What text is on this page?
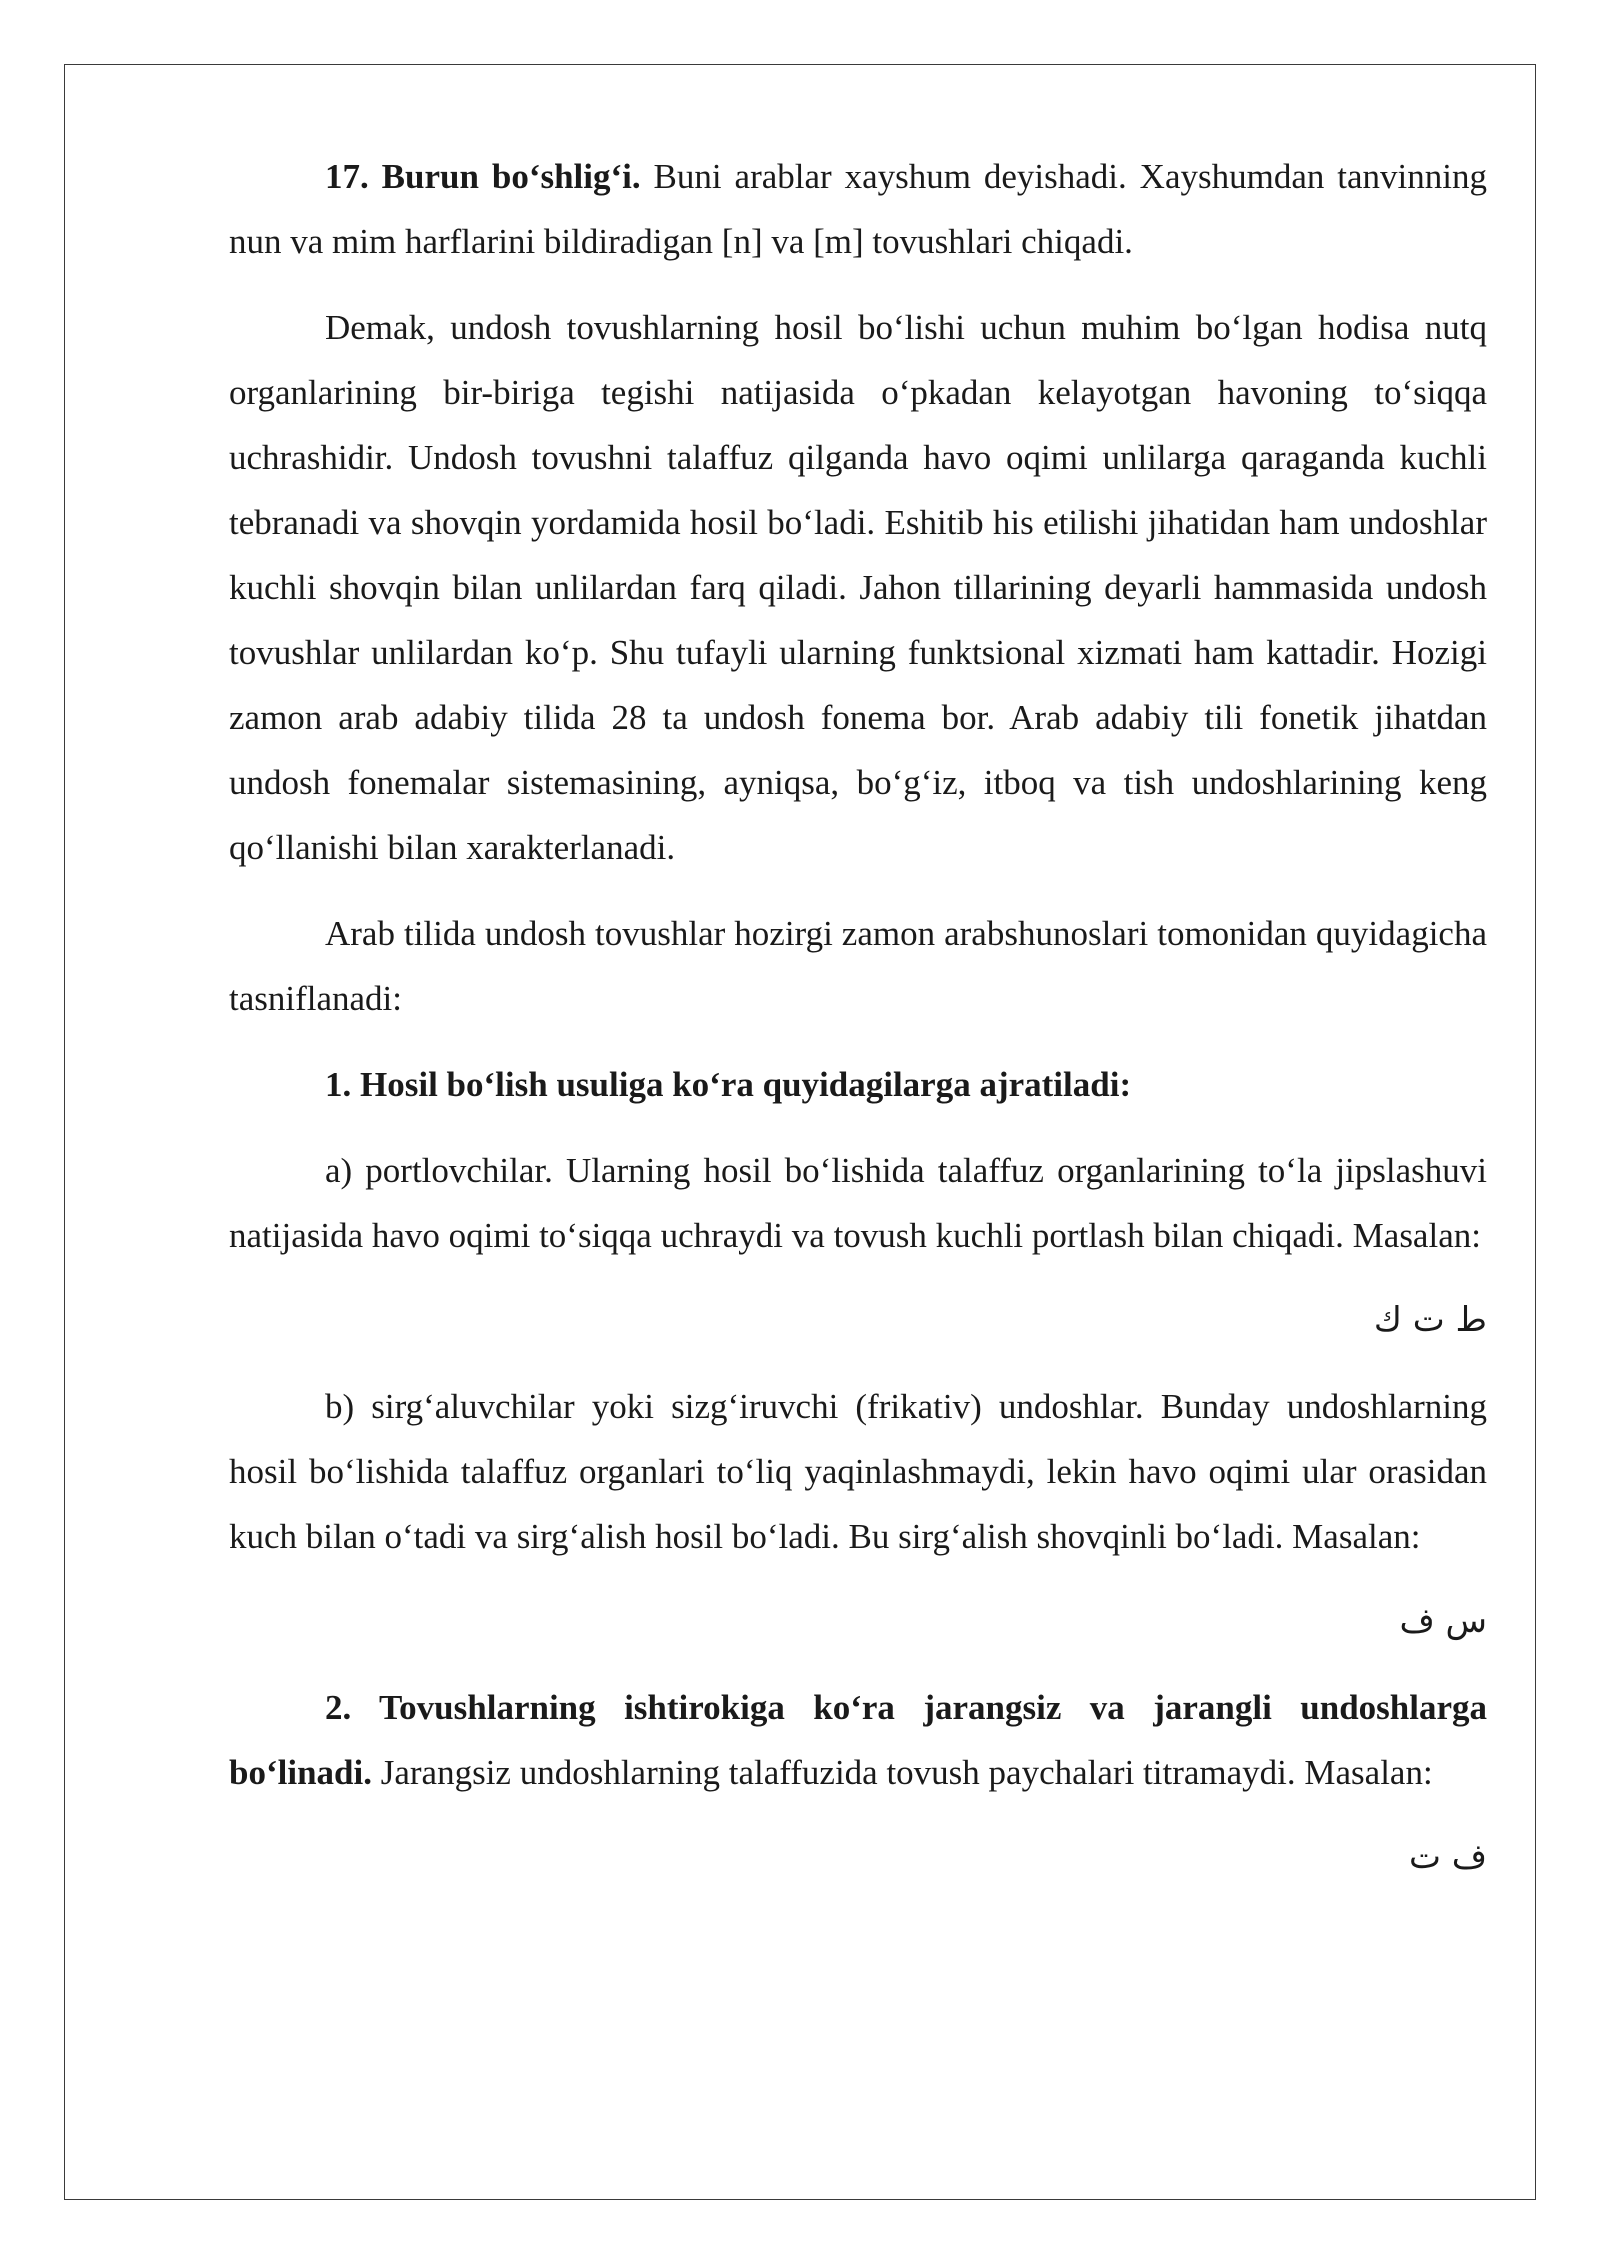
17. Burun bo‘shlig‘i. Buni arablar xayshum deyishadi. Xayshumdan tanvinning nun va mim harflarini bildiradigan [n] va [m] tovushlari chiqadi.

Demak, undosh tovushlarning hosil bo‘lishi uchun muhim bo‘lgan hodisa nutq organlarining bir-biriga tegishi natijasida o‘pkadan kelayotgan havoning to‘siqqa uchrashidir. Undosh tovushni talaffuz qilganda havo oqimi unlilarga qaraganda kuchli tebranadi va shovqin yordamida hosil bo‘ladi. Eshitib his etilishi jihatidan ham undoshlar kuchli shovqin bilan unlilardan farq qiladi. Jahon tillarining deyarli hammasida undosh tovushlar unlilardan ko‘p. Shu tufayli ularning funktsional xizmati ham kattadir. Hozigi zamon arab adabiy tilida 28 ta undosh fonema bor. Arab adabiy tili fonetik jihatdan undosh fonemalar sistemasining, ayniqsa, bo‘g‘iz, itboq va tish undoshlarining keng qo‘llanishi bilan xarakterlanadi.

Arab tilida undosh tovushlar hozirgi zamon arabshunoslari tomonidan quyidagicha tasniflanadi:

1. Hosil bo‘lish usuliga ko‘ra quyidagilarga ajratiladi:

a) portlovchilar. Ularning hosil bo‘lishida talaffuz organlarining to‘la jipslashuvi natijasida havo oqimi to‘siqqa uchraydi va tovush kuchli portlash bilan chiqadi. Masalan:

ط ت ك

b) sirg‘aluvchilar yoki sizg‘iruvchi (frikativ) undoshlar. Bunday undoshlarning hosil bo‘lishida talaffuz organlari to‘liq yaqinlashmaydi, lekin havo oqimi ular orasidan kuch bilan o‘tadi va sirg‘alish hosil bo‘ladi. Bu sirg‘alish shovqinli bo‘ladi. Masalan:

س ف

2. Tovushlarning ishtirokiga ko‘ra jarangsiz va jarangli undoshlarga bo‘linadi. Jarangsiz undoshlarning talaffuzida tovush paychalari titramaydi. Masalan:

ف ت
